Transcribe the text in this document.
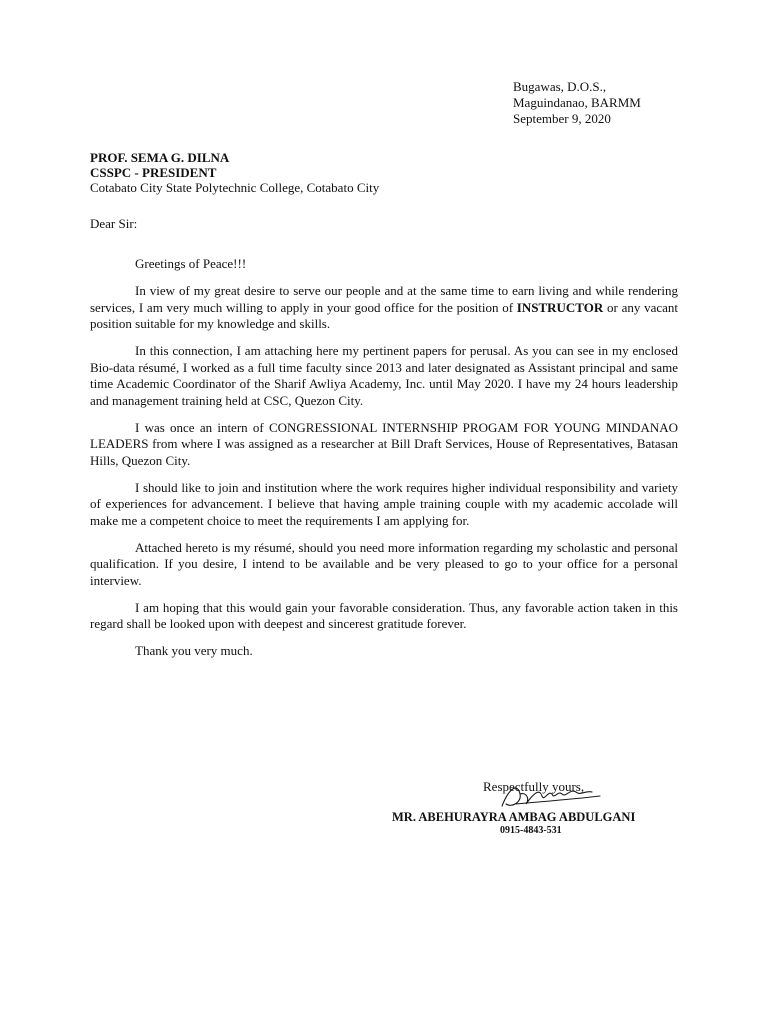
Bugawas, D.O.S.,
Maguindanao, BARMM
September 9, 2020
PROF. SEMA G. DILNA
CSSPC - PRESIDENT
Cotabato City State Polytechnic College, Cotabato City
Dear Sir:

Greetings of Peace!!!

In view of my great desire to serve our people and at the same time to earn living and while rendering services, I am very much willing to apply in your good office for the position of INSTRUCTOR or any vacant position suitable for my knowledge and skills.

In this connection, I am attaching here my pertinent papers for perusal. As you can see in my enclosed Bio-data résumé, I worked as a full time faculty since 2013 and later designated as Assistant principal and same time Academic Coordinator of the Sharif Awliya Academy, Inc. until May 2020. I have my 24 hours leadership and management training held at CSC, Quezon City.

I was once an intern of CONGRESSIONAL INTERNSHIP PROGAM FOR YOUNG MINDANAO LEADERS from where I was assigned as a researcher at Bill Draft Services, House of Representatives, Batasan Hills, Quezon City.

I should like to join and institution where the work requires higher individual responsibility and variety of experiences for advancement. I believe that having ample training couple with my academic accolade will make me a competent choice to meet the requirements I am applying for.

Attached hereto is my résumé, should you need more information regarding my scholastic and personal qualification. If you desire, I intend to be available and be very pleased to go to your office for a personal interview.

I am hoping that this would gain your favorable consideration. Thus, any favorable action taken in this regard shall be looked upon with deepest and sincerest gratitude forever.

Thank you very much.

Respectfully yours,
MR. ABEHURAYRA AMBAG ABDULGANI
0915-4843-531
